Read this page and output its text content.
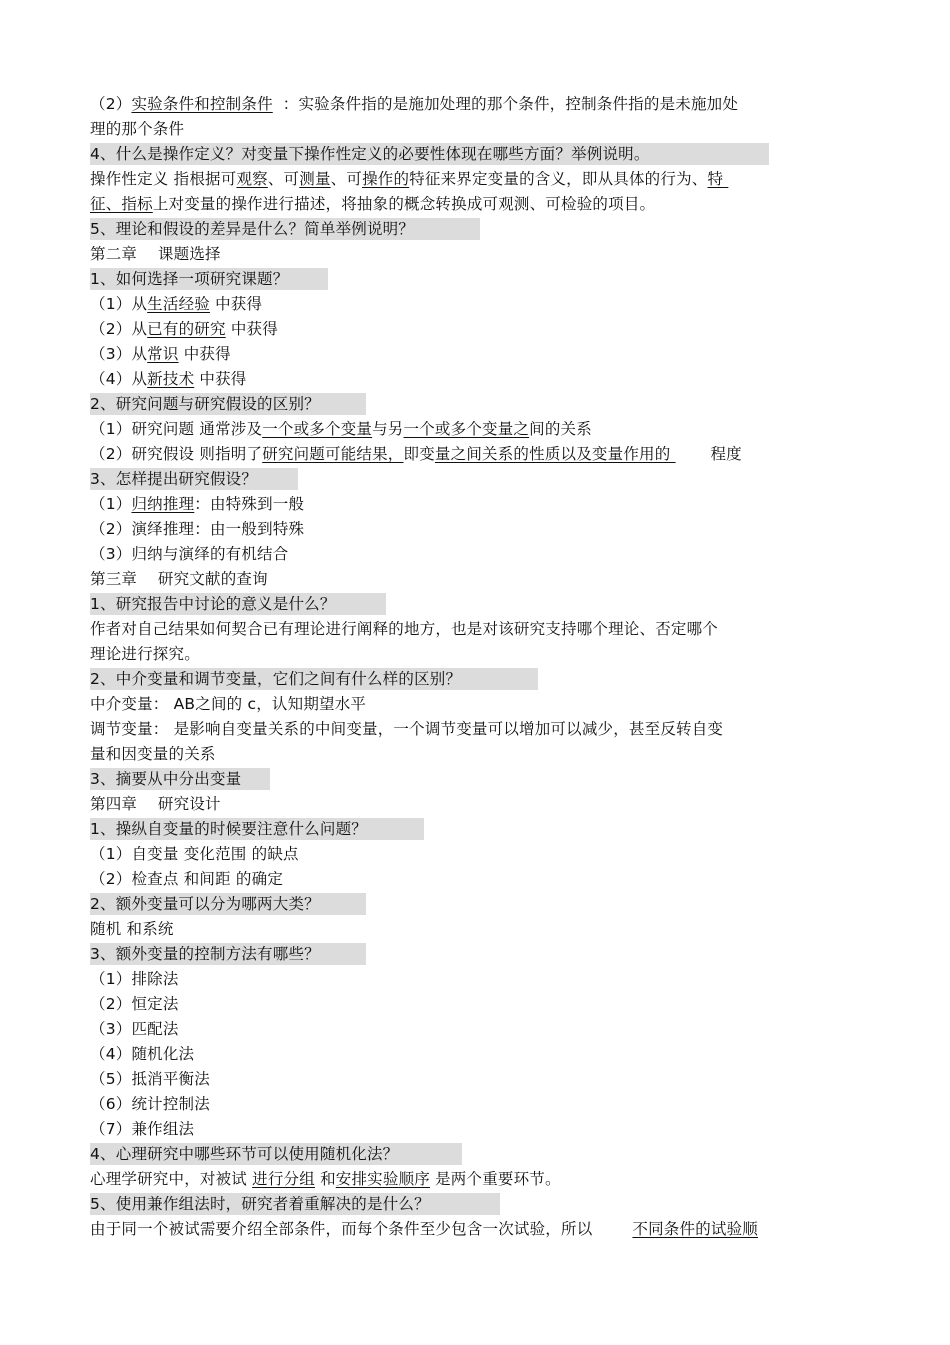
（2）实验条件和控制条件 ：实验条件指的是施加处理的那个条件，控制条件指的是未施加处
理的那个条件
4、什么是操作定义？对变量下操作性定义的必要性体现在哪些方面？举例说明。
操作性定义 指根据可观察、可测量、可操作的特征来界定变量的含义，即从具体的行为、特
征、指标上对变量的操作进行描述，将抽象的概念转换成可观测、可检验的项目。
5、理论和假设的差异是什么？简单举例说明？
第二章　 课题选择
1、如何选择一项研究课题？
（1）从生活经验 中获得
（2）从已有的研究 中获得
（3）从常识 中获得
（4）从新技术 中获得
2、研究问题与研究假设的区别？
（1）研究问题 通常涉及一个或多个变量与另一个或多个变量之间的关系
（2）研究假设 则指明了研究问题可能结果，即变量之间关系的性质以及变量作用的	程度
3、怎样提出研究假设？
（1）归纳推理：由特殊到一般
（2）演绎推理：由一般到特殊
（3）归纳与演绎的有机结合
第三章　 研究文献的查询
1、研究报告中讨论的意义是什么？
作者对自己结果如何契合已有理论进行阐释的地方，也是对该研究支持哪个理论、否定哪个
理论进行探究。
2、中介变量和调节变量，它们之间有什么样的区别？
中介变量： AB之间的 c，认知期望水平
调节变量： 是影响自变量关系的中间变量，一个调节变量可以增加可以减少，甚至反转自变
量和因变量的关系
3、摘要从中分出变量
第四章　 研究设计
1、操纵自变量的时候要注意什么问题？
（1）自变量 变化范围 的缺点
（2）检查点 和间距 的确定
2、额外变量可以分为哪两大类？
随机 和系统
3、额外变量的控制方法有哪些？
（1）排除法
（2）恒定法
（3）匹配法
（4）随机化法
（5）抵消平衡法
（6）统计控制法
（7）兼作组法
4、心理研究中哪些环节可以使用随机化法？
心理学研究中，对被试 进行分组 和安排实验顺序 是两个重要环节。
5、使用兼作组法时，研究者着重解决的是什么？
由于同一个被试需要介绍全部条件，而每个条件至少包含一次试验，所以	不同条件的试验顺
